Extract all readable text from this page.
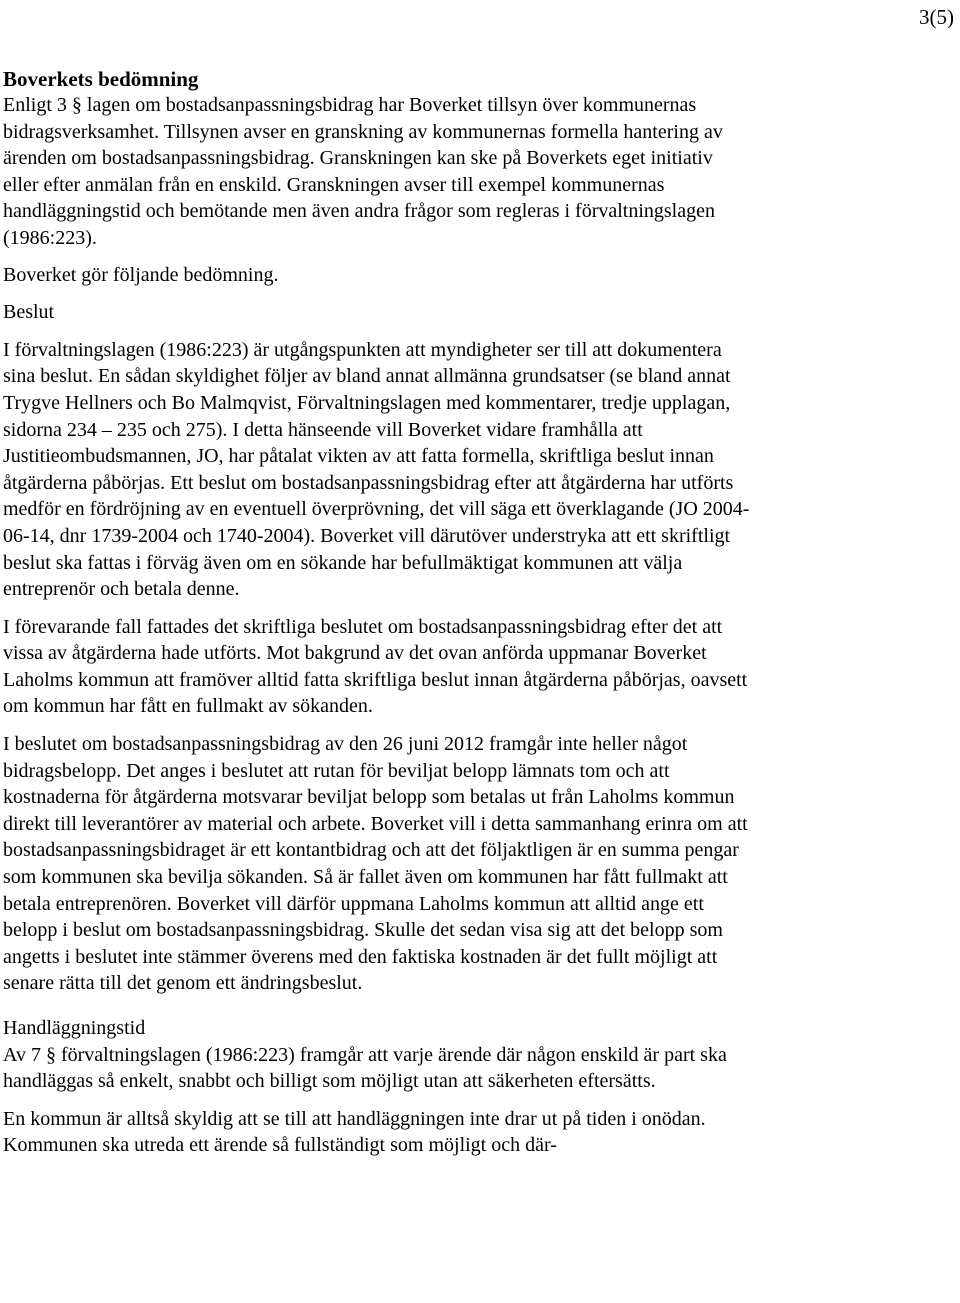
3(5)
Boverkets bedömning

Enligt 3 § lagen om bostadsanpassningsbidrag har Boverket tillsyn över kommunernas bidragsverksamhet. Tillsynen avser en granskning av kommunernas formella hantering av ärenden om bostadsanpassningsbidrag. Granskningen kan ske på Boverkets eget initiativ eller efter anmälan från en enskild. Granskningen avser till exempel kommunernas handläggningstid och bemötande men även andra frågor som regleras i förvaltningslagen (1986:223).

Boverket gör följande bedömning.

Beslut

I förvaltningslagen (1986:223) är utgångspunkten att myndigheter ser till att dokumentera sina beslut. En sådan skyldighet följer av bland annat allmänna grundsatser (se bland annat Trygve Hellners och Bo Malmqvist, Förvaltningslagen med kommentarer, tredje upplagan, sidorna 234 – 235 och 275). I detta hänseende vill Boverket vidare framhålla att Justitieombudsmannen, JO, har påtalat vikten av att fatta formella, skriftliga beslut innan åtgärderna påbörjas. Ett beslut om bostadsanpassningsbidrag efter att åtgärderna har utförts medför en fördröjning av en eventuell överprövning, det vill säga ett överklagande (JO 2004-06-14, dnr 1739-2004 och 1740-2004). Boverket vill därutöver understryka att ett skriftligt beslut ska fattas i förväg även om en sökande har befullmäktigat kommunen att välja entreprenör och betala denne.

I förevarande fall fattades det skriftliga beslutet om bostadsanpassningsbidrag efter det att vissa av åtgärderna hade utförts. Mot bakgrund av det ovan anförda uppmanar Boverket Laholms kommun att framöver alltid fatta skriftliga beslut innan åtgärderna påbörjas, oavsett om kommun har fått en fullmakt av sökanden.

I beslutet om bostadsanpassningsbidrag av den 26 juni 2012 framgår inte heller något bidragsbelopp. Det anges i beslutet att rutan för beviljat belopp lämnats tom och att kostnaderna för åtgärderna motsvarar beviljat belopp som betalas ut från Laholms kommun direkt till leverantörer av material och arbete. Boverket vill i detta sammanhang erinra om att bostadsanpassningsbidraget är ett kontantbidrag och att det följaktligen är en summa pengar som kommunen ska bevilja sökanden. Så är fallet även om kommunen har fått fullmakt att betala entreprenören. Boverket vill därför uppmana Laholms kommun att alltid ange ett belopp i beslut om bostadsanpassningsbidrag. Skulle det sedan visa sig att det belopp som angetts i beslutet inte stämmer överens med den faktiska kostnaden är det fullt möjligt att senare rätta till det genom ett ändringsbeslut.

Handläggningstid

Av 7 § förvaltningslagen (1986:223) framgår att varje ärende där någon enskild är part ska handläggas så enkelt, snabbt och billigt som möjligt utan att säkerheten eftersätts.

En kommun är alltså skyldig att se till att handläggningen inte drar ut på tiden i onödan. Kommunen ska utreda ett ärende så fullständigt som möjligt och där-
